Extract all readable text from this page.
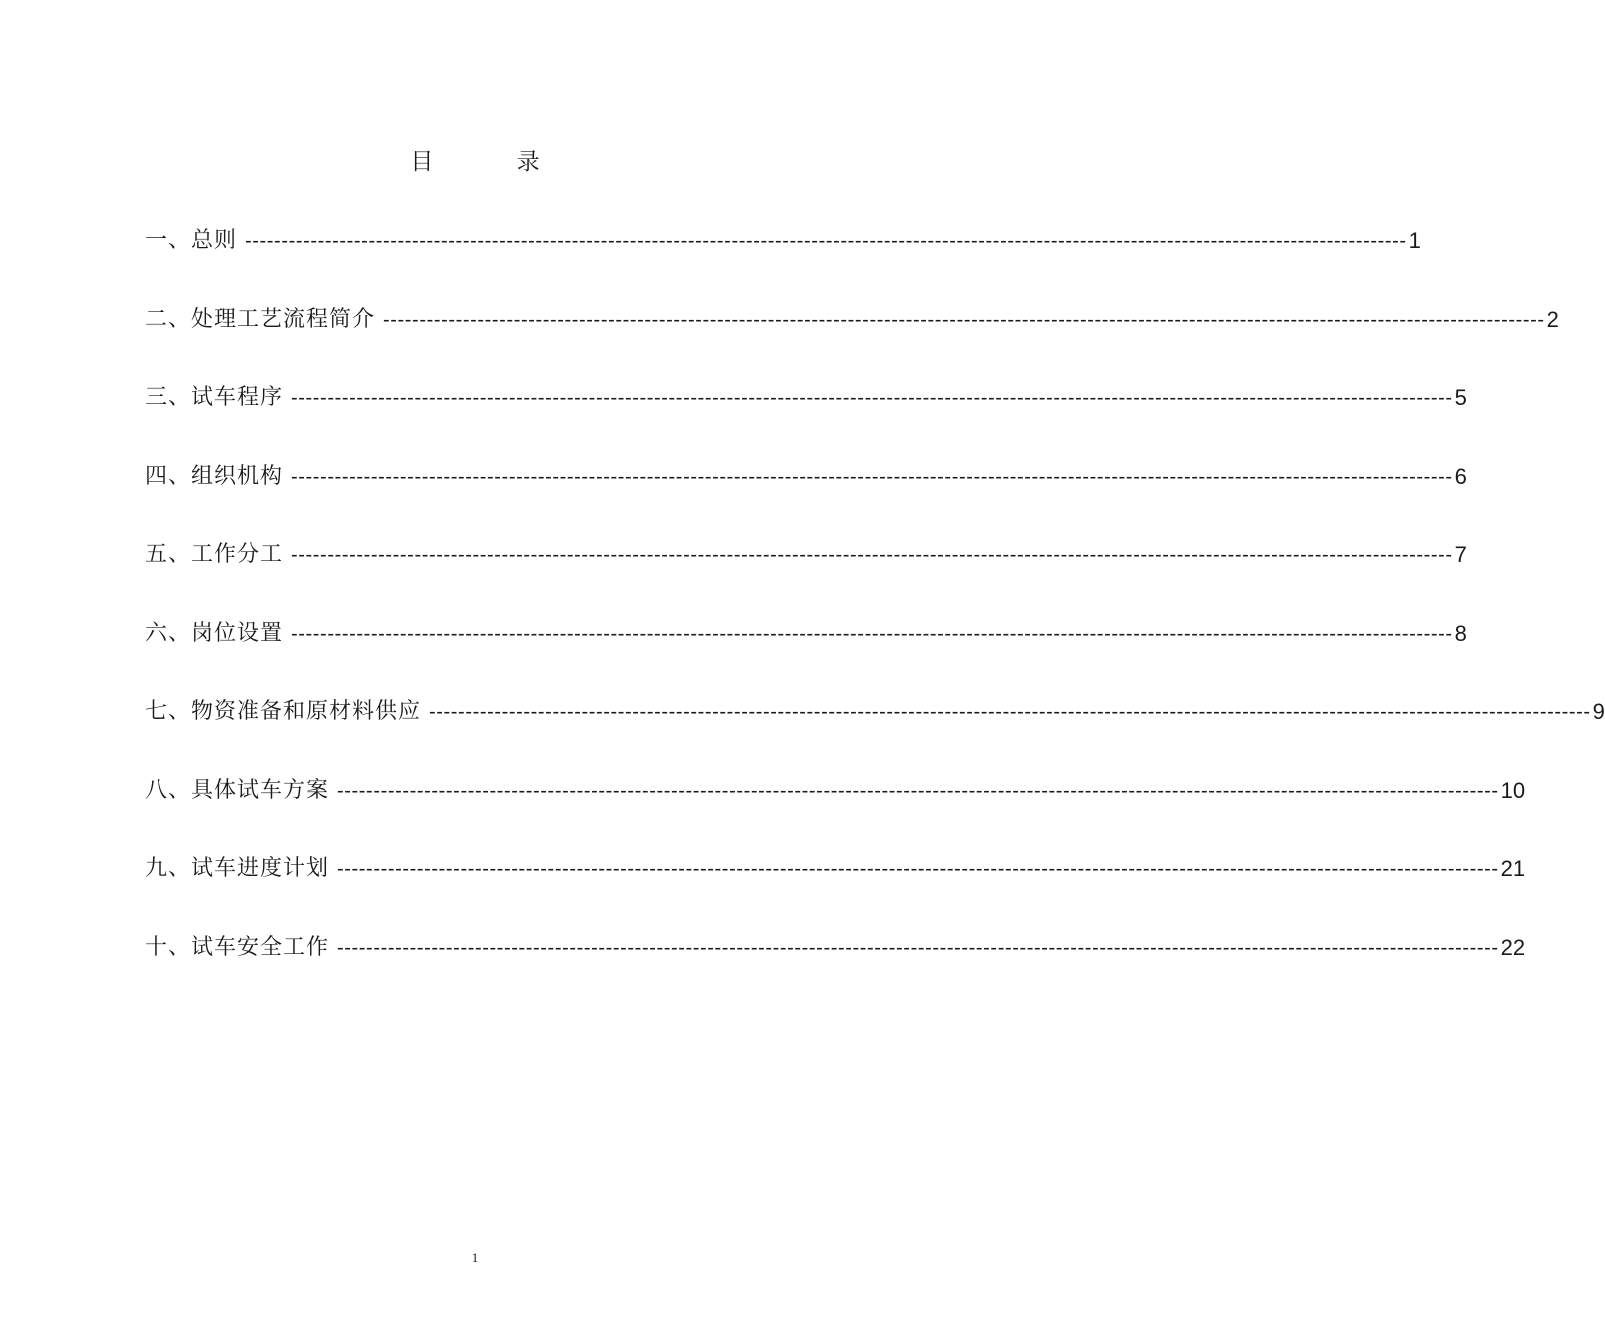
目 录
一、总则 ---------------------------------------------------------------------------------------------------------------------------------------------------------------- 1
二、处理工艺流程简介 ---------------------------------------------------------------------------------------------------------------------------------------------------------------- 2
三、试车程序 ---------------------------------------------------------------------------------------------------------------------------------------------------------------- 5
四、组织机构 ---------------------------------------------------------------------------------------------------------------------------------------------------------------- 6
五、工作分工 ---------------------------------------------------------------------------------------------------------------------------------------------------------------- 7
六、岗位设置 ---------------------------------------------------------------------------------------------------------------------------------------------------------------- 8
七、物资准备和原材料供应 ---------------------------------------------------------------------------------------------------------------------------------------------------------------- 9
八、具体试车方案 ---------------------------------------------------------------------------------------------------------------------------------------------------------------- 10
九、试车进度计划 ---------------------------------------------------------------------------------------------------------------------------------------------------------------- 21
十、试车安全工作 ---------------------------------------------------------------------------------------------------------------------------------------------------------------- 22
1
